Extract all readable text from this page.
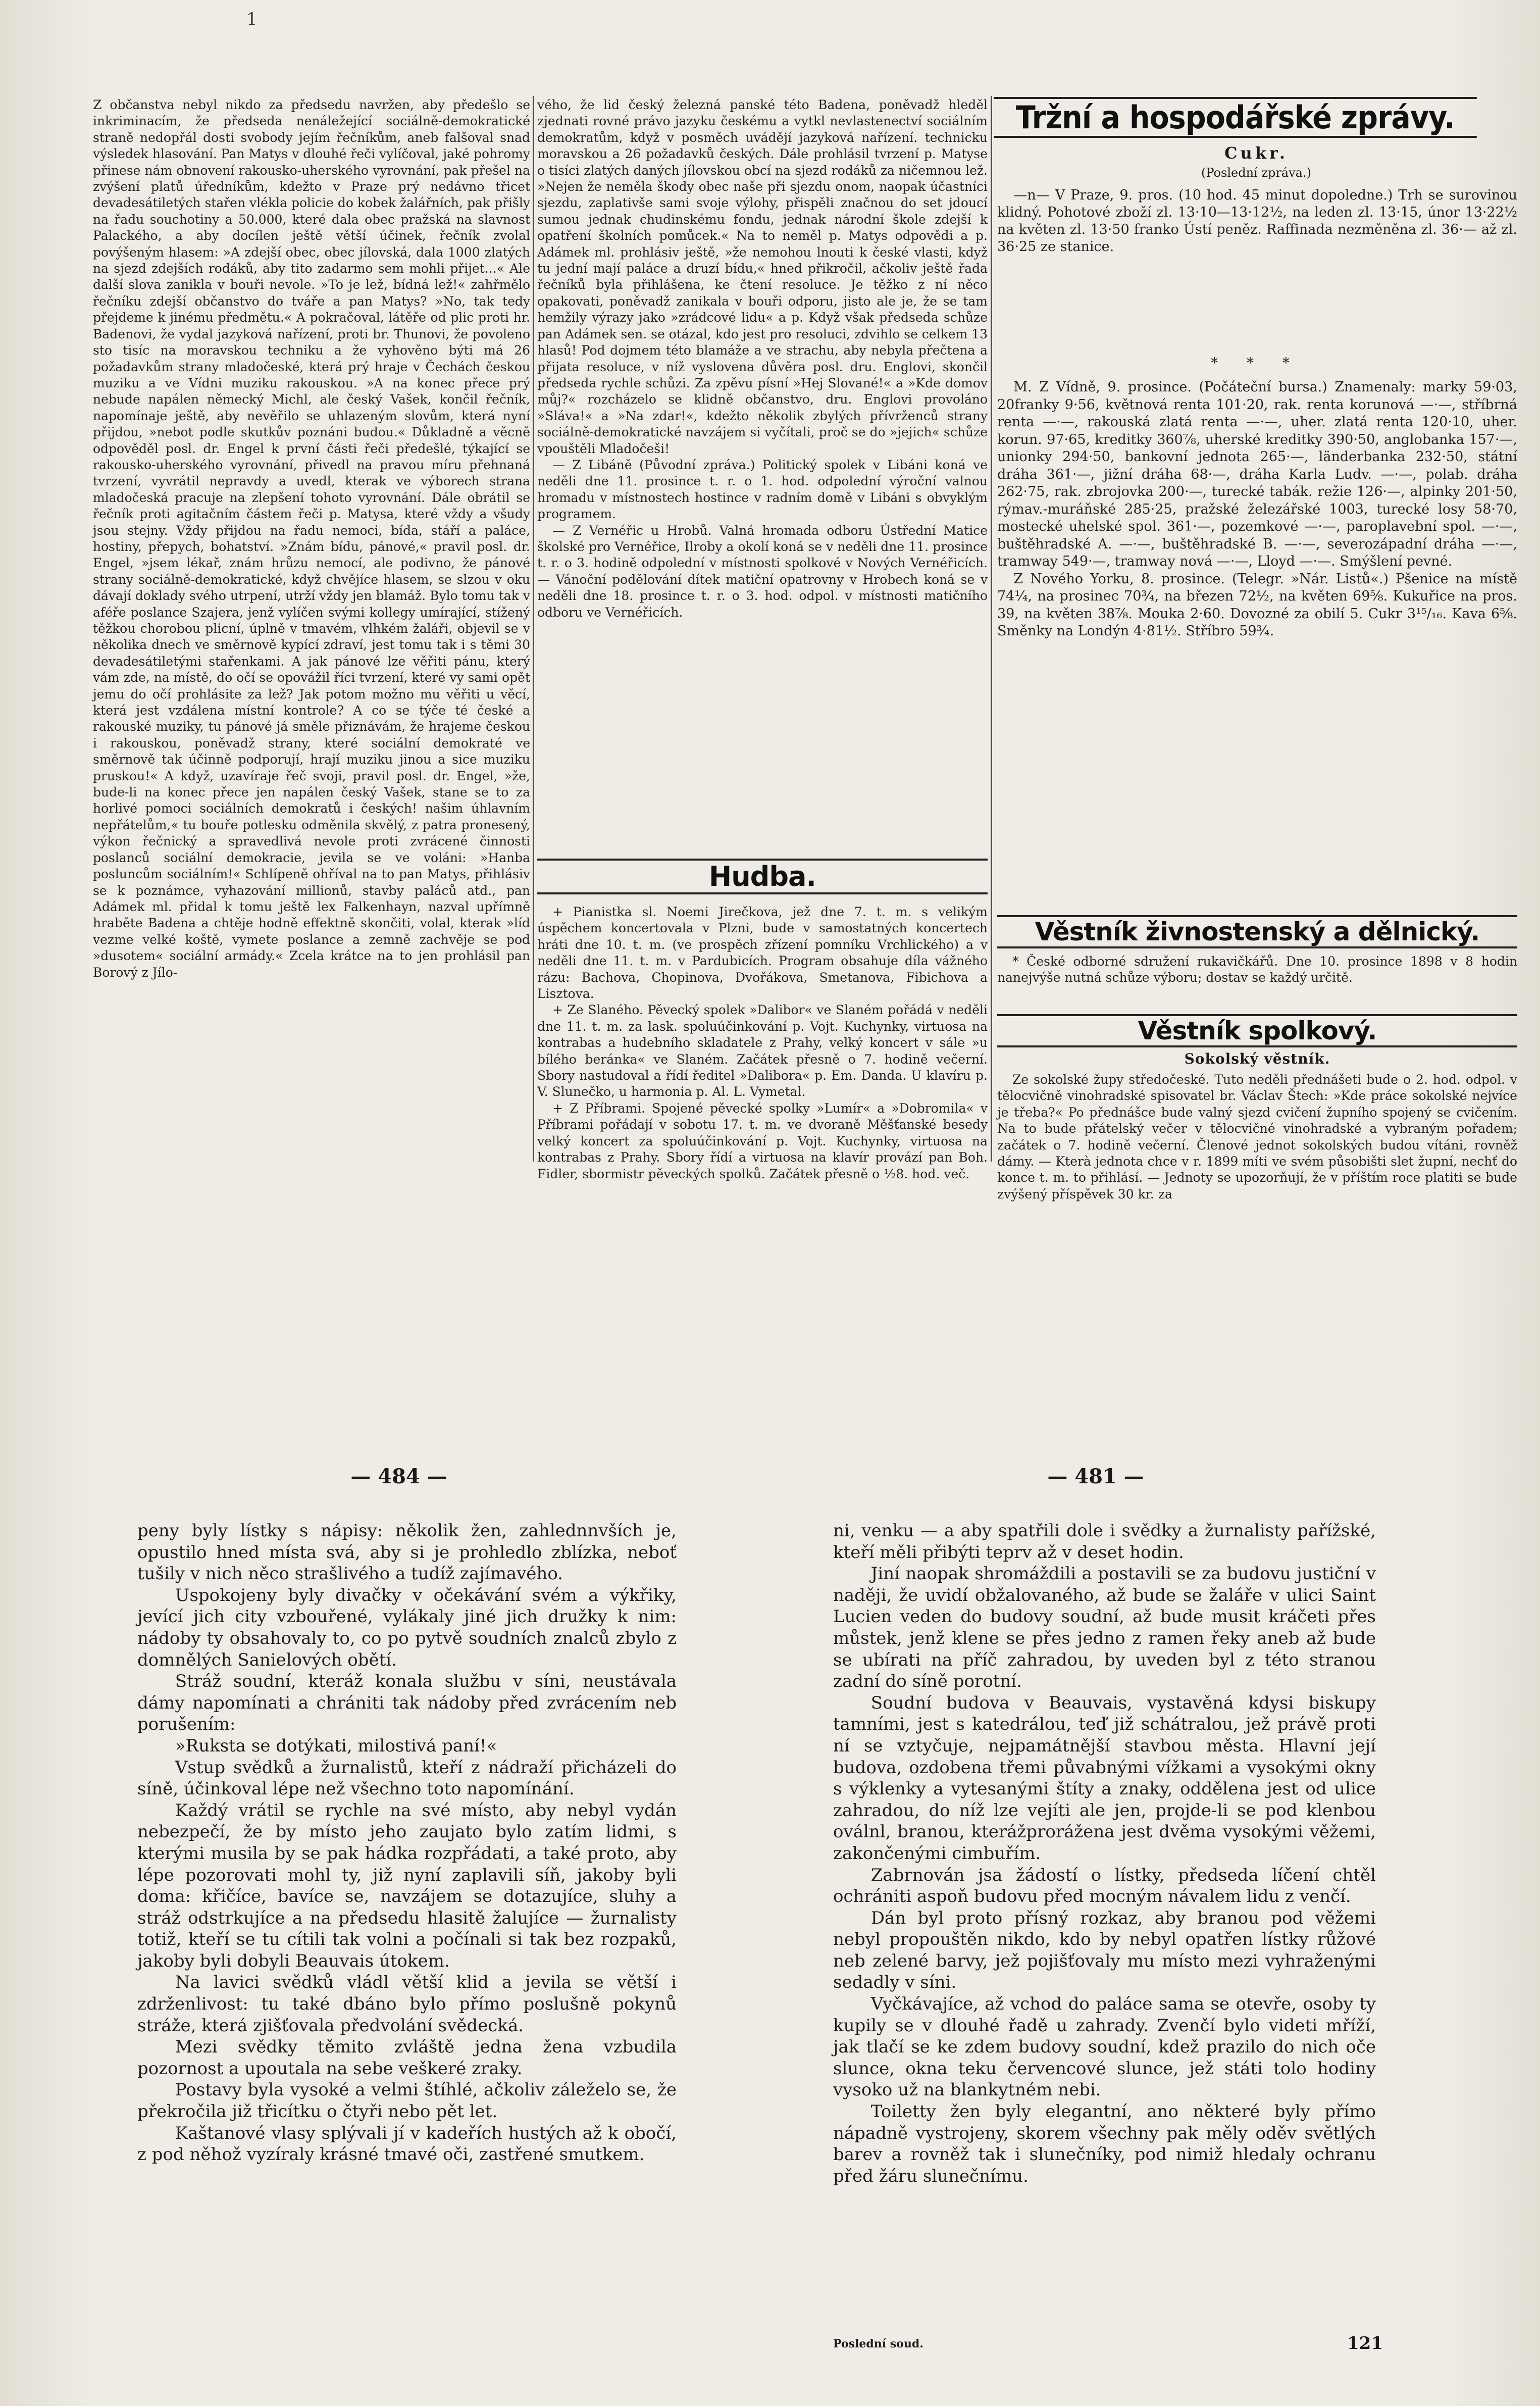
1

Z občanstva nebyl nikdo za předsedu navržen, aby předešlo se inkriminacím, že předseda nenáležející sociálně-demokratické straně nedopřál dosti svobody jejím řečníkům, aneb falšoval snad výsledek hlasování. Pan Matys v dlouhé řeči vylíčoval, jaké pohromy přinese nám obnovení rakousko-uherského vyrovnání, pak přešel na zvýšení platů úředníkům, kdežto v Praze prý nedávno třicet devadesátiletých stařen vlékla policie do kobek žalářních, pak přišly na řadu souchotiny a 50.000, které dala obec pražská na slavnost Palackého, a aby docílen ještě větší účinek, řečník zvolal povýšeným hlasem: »A zdejší obec, obec jílovská, dala 1000 zlatých na sjezd zdejších rodáků, aby tito zadarmo sem mohli přijet...« Ale další slova zanikla v bouři nevole. »To je lež, bídná lež!« zahřmělo řečníku zdejší občanstvo do tváře a pan Matys? »No, tak tedy přejdeme k jinému předmětu.« A pokračoval, látěře od plic proti hr. Badenovi, že vydal jazyková nařízení, proti br. Thunovi, že povoleno sto tisíc na moravskou techniku a že vyhověno býti má 26 požadavkům strany mladočeské, která prý hraje v Čechách českou muziku a ve Vídni muziku rakouskou. »A na konec přece prý nebude napálen německý Michl, ale český Vašek, končil řečník, napomínaje ještě, aby nevěřilo se uhlazeným slovům, která nyní přijdou, »nebot podle skutkův poznáni budou.« Důkladně a věcně odpověděl posl. dr. Engel k první části řeči předešlé, týkající se rakousko-uherského vyrovnání, přivedl na pravou míru přehnaná tvrzení, vyvrátil nepravdy a uvedl, kterak ve výborech strana mladočeská pracuje na zlepšení tohoto vyrovnání. Dále obrátil se řečník proti agitačním částem řeči p. Matysa, které vždy a všudy jsou stejny. Vždy přijdou na řadu nemoci, bída, stáří a paláce, hostiny, přepych, bohatství. »Znám bídu, pánové,« pravil posl. dr. Engel, »jsem lékař, znám hrůzu nemocí, ale podivno, že pánové strany sociálně-demokratické, když chvějíce hlasem, se slzou v oku dávají doklady svého utrpení, utrží vždy jen blamáž. Bylo tomu tak v aféře poslance Szajera, jenž vylíčen svými kollegy umírající, stížený těžkou chorobou plicní, úplně v tmavém, vlhkém žaláři, objevil se v několika dnech ve směrnově kypící zdraví, jest tomu tak i s těmi 30 devadesátiletými stařenkami. A jak pánové lze věřiti pánu, který vám zde, na místě, do očí se opovážil říci tvrzení, které vy sami opět jemu do očí prohlásite za lež? Jak potom možno mu věřiti u věcí, která jest vzdálena místní kontrole? A co se týče té české a rakouské muziky, tu pánové já směle přiznávám, že hrajeme českou i rakouskou, poněvadž strany, které sociální demokraté ve směrnově tak účinně podporují, hrají muziku jinou a sice muziku pruskou!« A když, uzavíraje řeč svoji, pravil posl. dr. Engel, »že, bude-li na konec přece jen napálen český Vašek, stane se to za horlivé pomoci sociálních demokratů i českých! našim úhlavním nepřátelům,« tu bouře potlesku odměnila skvělý, z patra pronesený, výkon řečnický a spravedlivá nevole proti zvrácené činnosti poslanců sociální demokracie, jevila se ve voláni: »Hanba posluncům sociálním!« Schlípeně ohříval na to pan Matys, přihlásiv se k poznámce, vyhazování millionů, stavby paláců atd., pan Adámek ml. přidal k tomu ještě lex Falkenhayn, nazval upřímně hraběte Badena a chtěje hodně effektně skončiti, volal, kterak »líd vezme velké koště, vymete poslance a zemně zachvěje se pod »dusotem« sociální armády.« Zcela krátce na to jen prohlásil pan Borový z Jílo-

vého, že lid český železná panské této Badena, poněvadž hleděl zjednati rovné právo jazyku českému a vytkl nevlastenectví sociálním demokratům, když v posměch uvádějí jazyková nařízení. technicku moravskou a 26 požadavků českých. Dále prohlásil tvrzení p. Matyse o tisíci zlatých daných jílovskou obcí na sjezd rodáků za ničemnou lež. »Nejen že neměla škody obec naše při sjezdu onom, naopak účastníci sjezdu, zaplativše sami svoje výlohy, přispěli značnou do set jdoucí sumou jednak chudinskému fondu, jednak národní škole zdejší k opatření školních pomůcek.« Na to neměl p. Matys odpovědi a p. Adámek ml. prohlásiv ještě, »že nemohou lnouti k české vlasti, když tu jední mají paláce a druzí bídu,« hned přikročil, ačkoliv ještě řada řečníků byla přihlášena, ke čtení resoluce. Je těžko z ní něco opakovati, poněvadž zanikala v bouři odporu, jisto ale je, že se tam hemžily výrazy jako »zrádcové lidu« a p. Když však předseda schůze pan Adámek sen. se otázal, kdo jest pro resoluci, zdvihlo se celkem 13 hlasů! Pod dojmem této blamáže a ve strachu, aby nebyla přečtena a přijata resoluce, v níž vyslovena důvěra posl. dru. Englovi, skončil předseda rychle schůzi. Za zpěvu písní »Hej Slované!« a »Kde domov můj?« rozcházelo se klidně občanstvo, dru. Englovi provoláno »Sláva!« a »Na zdar!«, kdežto několik zbylých přívrženců strany sociálně-demokratické navzájem si vyčítali, proč se do »jejich« schůze vpouštěli Mladočeši!

— Z Libáně (Původní zpráva.) Politický spolek v Libáni koná ve neděli dne 11. prosince t. r. o 1. hod. odpolední výroční valnou hromadu v místnostech hostince v radním domě v Libáni s obvyklým programem.

— Z Vernéřic u Hrobů. Valná hromada odboru Ústřední Matice školské pro Vernéřice, Ilroby a okolí koná se v neděli dne 11. prosince t. r. o 3. hodině odpolední v místnosti spolkové v Nových Vernéřicích. — Vánoční podělování dítek matiční opatrovny v Hrobech koná se v neděli dne 18. prosince t. r. o 3. hod. odpol. v místnosti matičního odboru ve Vernéřicích.

Hudba.

+ Pianistka sl. Noemi Jirečkova, jež dne 7. t. m. s velikým úspěchem koncertovala v Plzni, bude v samostatných koncertech hráti dne 10. t. m. (ve prospěch zřízení pomníku Vrchlického) a v neděli dne 11. t. m. v Pardubicích. Program obsahuje díla vážného rázu: Bachova, Chopinova, Dvořákova, Smetanova, Fibichova a Lisztova.

+ Ze Slaného. Pěvecký spolek »Dalibor« ve Slaném pořádá v neděli dne 11. t. m. za lask. spoluúčinkování p. Vojt. Kuchynky, virtuosa na kontrabas a hudebního skladatele z Prahy, velký koncert v sále »u bílého beránka« ve Slaném. Začátek přesně o 7. hodině večerní. Sbory nastudoval a řídí ředitel »Dalibora« p. Em. Danda. U klavíru p. V. Slunečko, u harmonia p. Al. L. Vymetal.

+ Z Příbrami. Spojené pěvecké spolky »Lumír« a »Dobromila« v Příbrami pořádají v sobotu 17. t. m. ve dvoraně Měšťanské besedy velký koncert za spoluúčinkování p. Vojt. Kuchynky, virtuosa na kontrabas z Prahy. Sbory řídí a virtuosa na klavír provází pan Boh. Fidler, sbormistr pěveckých spolků. Začátek přesně o ½8. hod. več.

Tržní a hospodářské zprávy.
Cukr.
(Poslední zpráva.)

—n— V Praze, 9. pros. (10 hod. 45 minut dopoledne.) Trh se surovinou klidný. Pohotové zboží zl. 13·10—13·12½, na leden zl. 13·15, únor 13·22½ na květen zl. 13·50 franko Ústí peněz. Raffinada nezměněna zl. 36·— až zl. 36·25 ze stanice.

* * *

M. Z Vídně, 9. prosince. (Počáteční bursa.) Znamenaly: marky 59·03, 20franky 9·56, květnová renta 101·20, rak. renta korunová —·—, stříbrná renta —·—, rakouská zlatá renta —·—, uher. zlatá renta 120·10, uher. korun. 97·65, kreditky 360⅞, uherské kreditky 390·50, anglobanka 157·—, unionky 294·50, bankovní jednota 265·—, länderbanka 232·50, státní dráha 361·—, jižní dráha 68·—, dráha Karla Ludv. —·—, polab. dráha 262·75, rak. zbrojovka 200·—, turecké tabák. režie 126·—, alpinky 201·50, rýmav.-muráňské 285·25, pražské železářské 1003, turecké losy 58·70, mostecké uhelské spol. 361·—, pozemkové —·—, paroplavební spol. —·—, buštěhradské A. —·—, buštěhradské B. —·—, severozápadní dráha —·—, tramway 549·—, tramway nová —·—, Lloyd —·—. Smýšlení pevné.

Z Nového Yorku, 8. prosince. (Telegr. »Nár. Listů«.) Pšenice na místě 74¼, na prosinec 70¾, na březen 72½, na květen 69⅝. Kukuřice na pros. 39, na květen 38⅞. Mouka 2·60. Dovozné za obilí 5. Cukr 3¹⁵/₁₆. Kava 6⅝. Směnky na Londýn 4·81½. Stříbro 59¾.

Věstník živnostenský a dělnický.

* České odborné sdružení rukavičkářů. Dne 10. prosince 1898 v 8 hodin nanejvýše nutná schůze výboru; dostav se každý určitě.

Věstník spolkový.
Sokolský věstník.

Ze sokolské župy středočeské. Tuto neděli přednášeti bude o 2. hod. odpol. v tělocvičně vinohradské spisovatel br. Václav Štech: »Kde práce sokolské nejvíce je třeba?« Po přednášce bude valný sjezd cvičení župního spojený se cvičením. Na to bude přátelský večer v tělocvičné vinohradské a vybraným pořadem; začátek o 7. hodině večerní. Členové jednot sokolských budou vítáni, rovněž dámy. — Kterà jednota chce v r. 1899 míti ve svém působišti slet župní, nechť do konce t. m. to přihlásí. — Jednoty se upozorňují, že v příštím roce platiti se bude zvýšený příspěvek 30 kr. za

— 484 —	— 481 —

peny byly lístky s nápisy: několik žen, zahlednnvších je, opustilo hned místa svá, aby si je prohledlo zblízka, neboť tušily v nich něco strašlivého a tudíž zajímavého.

Uspokojeny byly divačky v očekávání svém a výkřiky, jevící jich city vzbouřené, vylákaly jiné jich družky k nim: nádoby ty obsahovaly to, co po pytvě soudních znalců zbylo z domnělých Sanielových obětí.

Stráž soudní, kteráž konala službu v síni, neustávala dámy napomínati a chrániti tak nádoby před zvrácením neb porušením:

»Ruksta se dotýkati, milostivá paní!«

Vstup svědků a žurnalistů, kteří z nádraží přicházeli do síně, účinkoval lépe než všechno toto napomínání.

Každý vrátil se rychle na své místo, aby nebyl vydán nebezpečí, že by místo jeho zaujato bylo zatím lidmi, s kterými musila by se pak hádka rozpřádati, a také proto, aby lépe pozorovati mohl ty, již nyní zaplavili síň, jakoby byli doma: křičíce, bavíce se, navzájem se dotazujíce, sluhy a stráž odstrkujíce a na předsedu hlasitě žalujíce — žurnalisty totiž, kteří se tu cítili tak volni a počínali si tak bez rozpaků, jakoby byli dobyli Beauvais útokem.

Na lavici svědků vládl větší klid a jevila se větší i zdrženlivost: tu také dbáno bylo přímo poslušně pokynů stráže, která zjišťovala předvolání svědecká.

Mezi svědky těmito zvláště jedna žena vzbudila pozornost a upoutala na sebe veškeré zraky.

Postavy byla vysoké a velmi štíhlé, ačkoliv záleželo se, že překročila již třicítku o čtyři nebo pět let.

Kaštanové vlasy splývali jí v kadeřích hustých až k obočí, z pod něhož vyzíraly krásné tmavé oči, zastřené smutkem.

ni, venku — a aby spatřili dole i svědky a žurnalisty pařížské, kteří měli přibýti teprv až v deset hodin.

Jiní naopak shromáždili a postavili se za budovu justiční v naději, že uvidí obžalovaného, až bude se žaláře v ulici Saint Lucien veden do budovy soudní, až bude musit kráčeti přes můstek, jenž klene se přes jedno z ramen řeky aneb až bude se ubírati na příč zahradou, by uveden byl z této stranou zadní do síně porotní.

Soudní budova v Beauvais, vystavěná kdysi biskupy tamními, jest s katedrálou, teď již schátralou, jež právě proti ní se vztyčuje, nejpamátnější stavbou města. Hlavní její budova, ozdobena třemi půvabnými vížkami a vysokými okny s výklenky a vytesanými štíty a znaky, oddělena jest od ulice zahradou, do níž lze vejíti ale jen, projde-li se pod klenbou oválnl, branou, kterážprorážena jest dvěma vysokými věžemi, zakončenými cimbuřím.

Zabrnován jsa žádostí o lístky, předseda líčení chtěl ochrániti aspoň budovu před mocným návalem lidu z venčí.

Dán byl proto přísný rozkaz, aby branou pod věžemi nebyl propouštěn nikdo, kdo by nebyl opatřen lístky růžové neb zelené barvy, jež pojišťovaly mu místo mezi vyhraženými sedadly v síni.

Vyčkávajíce, až vchod do paláce sama se otevře, osoby ty kupily se v dlouhé řadě u zahrady. Zvenčí bylo videti mříží, jak tlačí se ke zdem budovy soudní, kdež prazilo do nich oče slunce, okna teku červencové slunce, jež státi tolo hodiny vysoko už na blankytném nebi.

Toiletty žen byly elegantní, ano některé byly přímo nápadně vystrojeny, skorem všechny pak měly oděv světlých barev a rovněž tak i slunečníky, pod nimiž hledaly ochranu před žáru slunečnímu.

Poslední soud.	121
